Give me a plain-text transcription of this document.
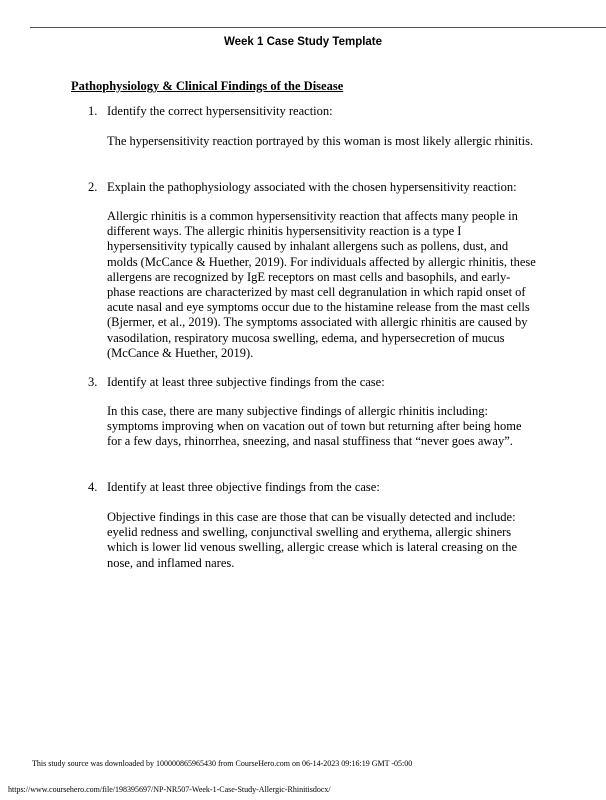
Week 1 Case Study Template
Pathophysiology & Clinical Findings of the Disease
1. Identify the correct hypersensitivity reaction:
The hypersensitivity reaction portrayed by this woman is most likely allergic rhinitis.
2. Explain the pathophysiology associated with the chosen hypersensitivity reaction:
Allergic rhinitis is a common hypersensitivity reaction that affects many people in different ways. The allergic rhinitis hypersensitivity reaction is a type I hypersensitivity typically caused by inhalant allergens such as pollens, dust, and molds (McCance & Huether, 2019). For individuals affected by allergic rhinitis, these allergens are recognized by IgE receptors on mast cells and basophils, and early-phase reactions are characterized by mast cell degranulation in which rapid onset of acute nasal and eye symptoms occur due to the histamine release from the mast cells (Bjermer, et al., 2019). The symptoms associated with allergic rhinitis are caused by vasodilation, respiratory mucosa swelling, edema, and hypersecretion of mucus (McCance & Huether, 2019).
3. Identify at least three subjective findings from the case:
In this case, there are many subjective findings of allergic rhinitis including: symptoms improving when on vacation out of town but returning after being home for a few days, rhinorrhea, sneezing, and nasal stuffiness that “never goes away”.
4. Identify at least three objective findings from the case:
Objective findings in this case are those that can be visually detected and include: eyelid redness and swelling, conjunctival swelling and erythema, allergic shiners which is lower lid venous swelling, allergic crease which is lateral creasing on the nose, and inflamed nares.
This study source was downloaded by 100000865965430 from CourseHero.com on 06-14-2023 09:16:19 GMT -05:00
https://www.coursehero.com/file/198395697/NP-NR507-Week-1-Case-Study-Allergic-Rhinitisdocx/
